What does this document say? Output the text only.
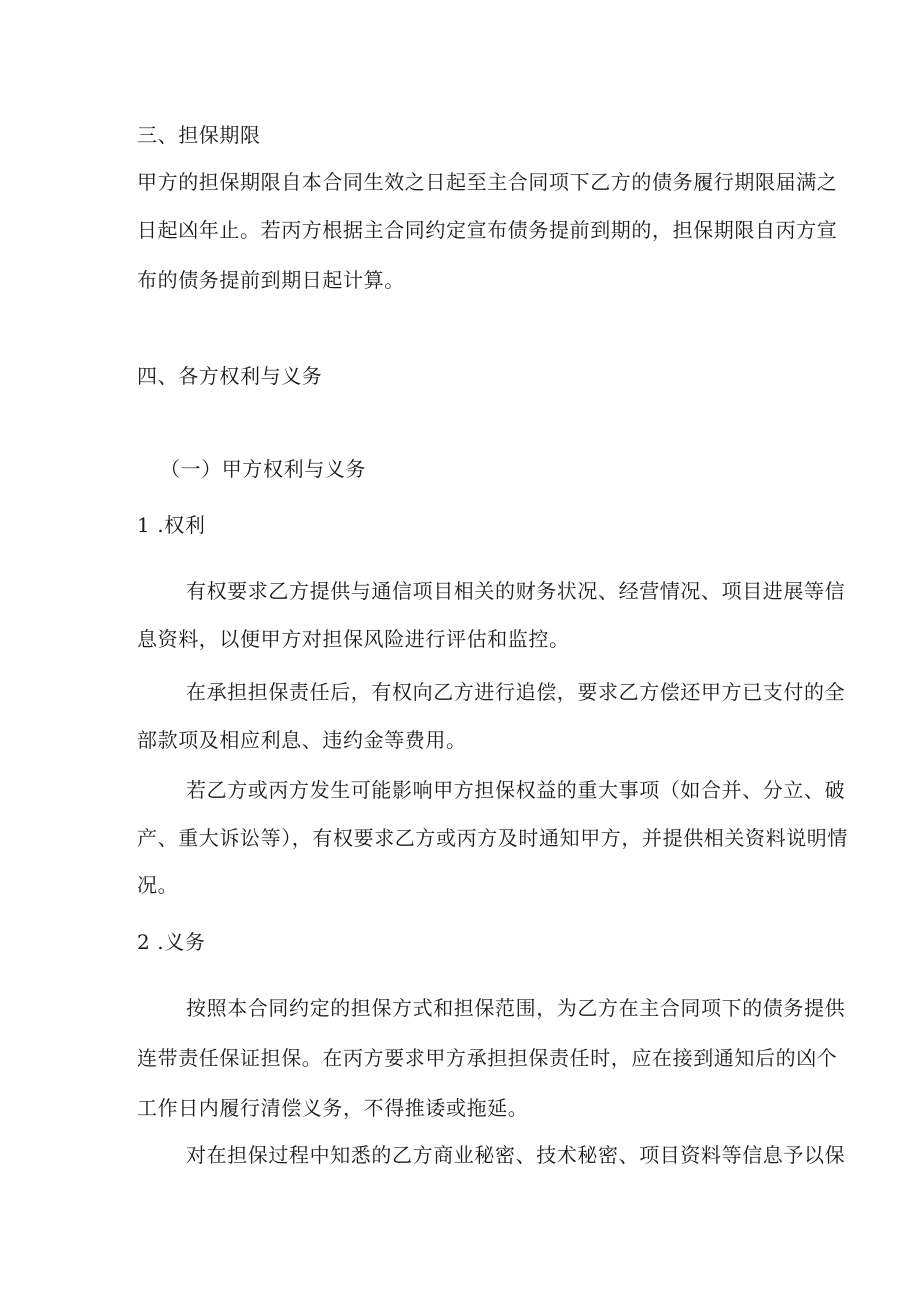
三、担保期限
甲方的担保期限自本合同生效之日起至主合同项下乙方的债务履行期限届满之
日起凶年止。若丙方根据主合同约定宣布债务提前到期的，担保期限自丙方宣
布的债务提前到期日起计算。
四、各方权利与义务
（一）甲方权利与义务
1 .权利
有权要求乙方提供与通信项目相关的财务状况、经营情况、项目进展等信
息资料，以便甲方对担保风险进行评估和监控。
在承担担保责任后，有权向乙方进行追偿，要求乙方偿还甲方已支付的全
部款项及相应利息、违约金等费用。
若乙方或丙方发生可能影响甲方担保权益的重大事项（如合并、分立、破
产、重大诉讼等），有权要求乙方或丙方及时通知甲方，并提供相关资料说明情
况。
2 .义务
按照本合同约定的担保方式和担保范围，为乙方在主合同项下的债务提供
连带责任保证担保。在丙方要求甲方承担担保责任时，应在接到通知后的凶个
工作日内履行清偿义务，不得推诿或拖延。
对在担保过程中知悉的乙方商业秘密、技术秘密、项目资料等信息予以保
